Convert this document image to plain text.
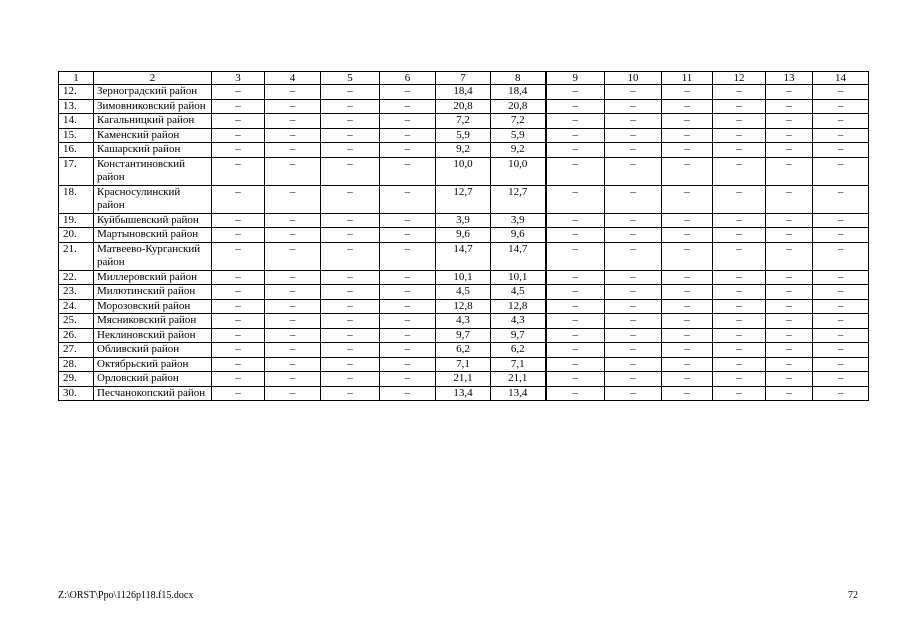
1	2	3	4	5	6	7	8	9	10	11	12	13	14
12.	Зерноградский район	–	–	–	–	18,4	18,4	–	–	–	–	–	–
13.	Зимовниковский район	–	–	–	–	20,8	20,8	–	–	–	–	–	–
14.	Кагальницкий район	–	–	–	–	7,2	7,2	–	–	–	–	–	–
15.	Каменский район	–	–	–	–	5,9	5,9	–	–	–	–	–	–
16.	Кашарский район	–	–	–	–	9,2	9,2	–	–	–	–	–	–
17.	Константиновский район	–	–	–	–	10,0	10,0	–	–	–	–	–	–
18.	Красносулинский район	–	–	–	–	12,7	12,7	–	–	–	–	–	–
19.	Куйбышевский район	–	–	–	–	3,9	3,9	–	–	–	–	–	–
20.	Мартыновский район	–	–	–	–	9,6	9,6	–	–	–	–	–	–
21.	Матвеево-Курганский район	–	–	–	–	14,7	14,7	–	–	–	–	–	–
22.	Миллеровский район	–	–	–	–	10,1	10,1	–	–	–	–	–	–
23.	Милютинский район	–	–	–	–	4,5	4,5	–	–	–	–	–	–
24.	Морозовский район	–	–	–	–	12,8	12,8	–	–	–	–	–	–
25.	Мясниковский район	–	–	–	–	4,3	4,3	–	–	–	–	–	–
26.	Неклиновский район	–	–	–	–	9,7	9,7	–	–	–	–	–	–
27.	Обливский район	–	–	–	–	6,2	6,2	–	–	–	–	–	–
28.	Октябрьский район	–	–	–	–	7,1	7,1	–	–	–	–	–	–
29.	Орловский район	–	–	–	–	21,1	21,1	–	–	–	–	–	–
30.	Песчанокопский район	–	–	–	–	13,4	13,4	–	–	–	–	–	–
Z:\ORST\Ppo\1126p118.f15.docx	72
